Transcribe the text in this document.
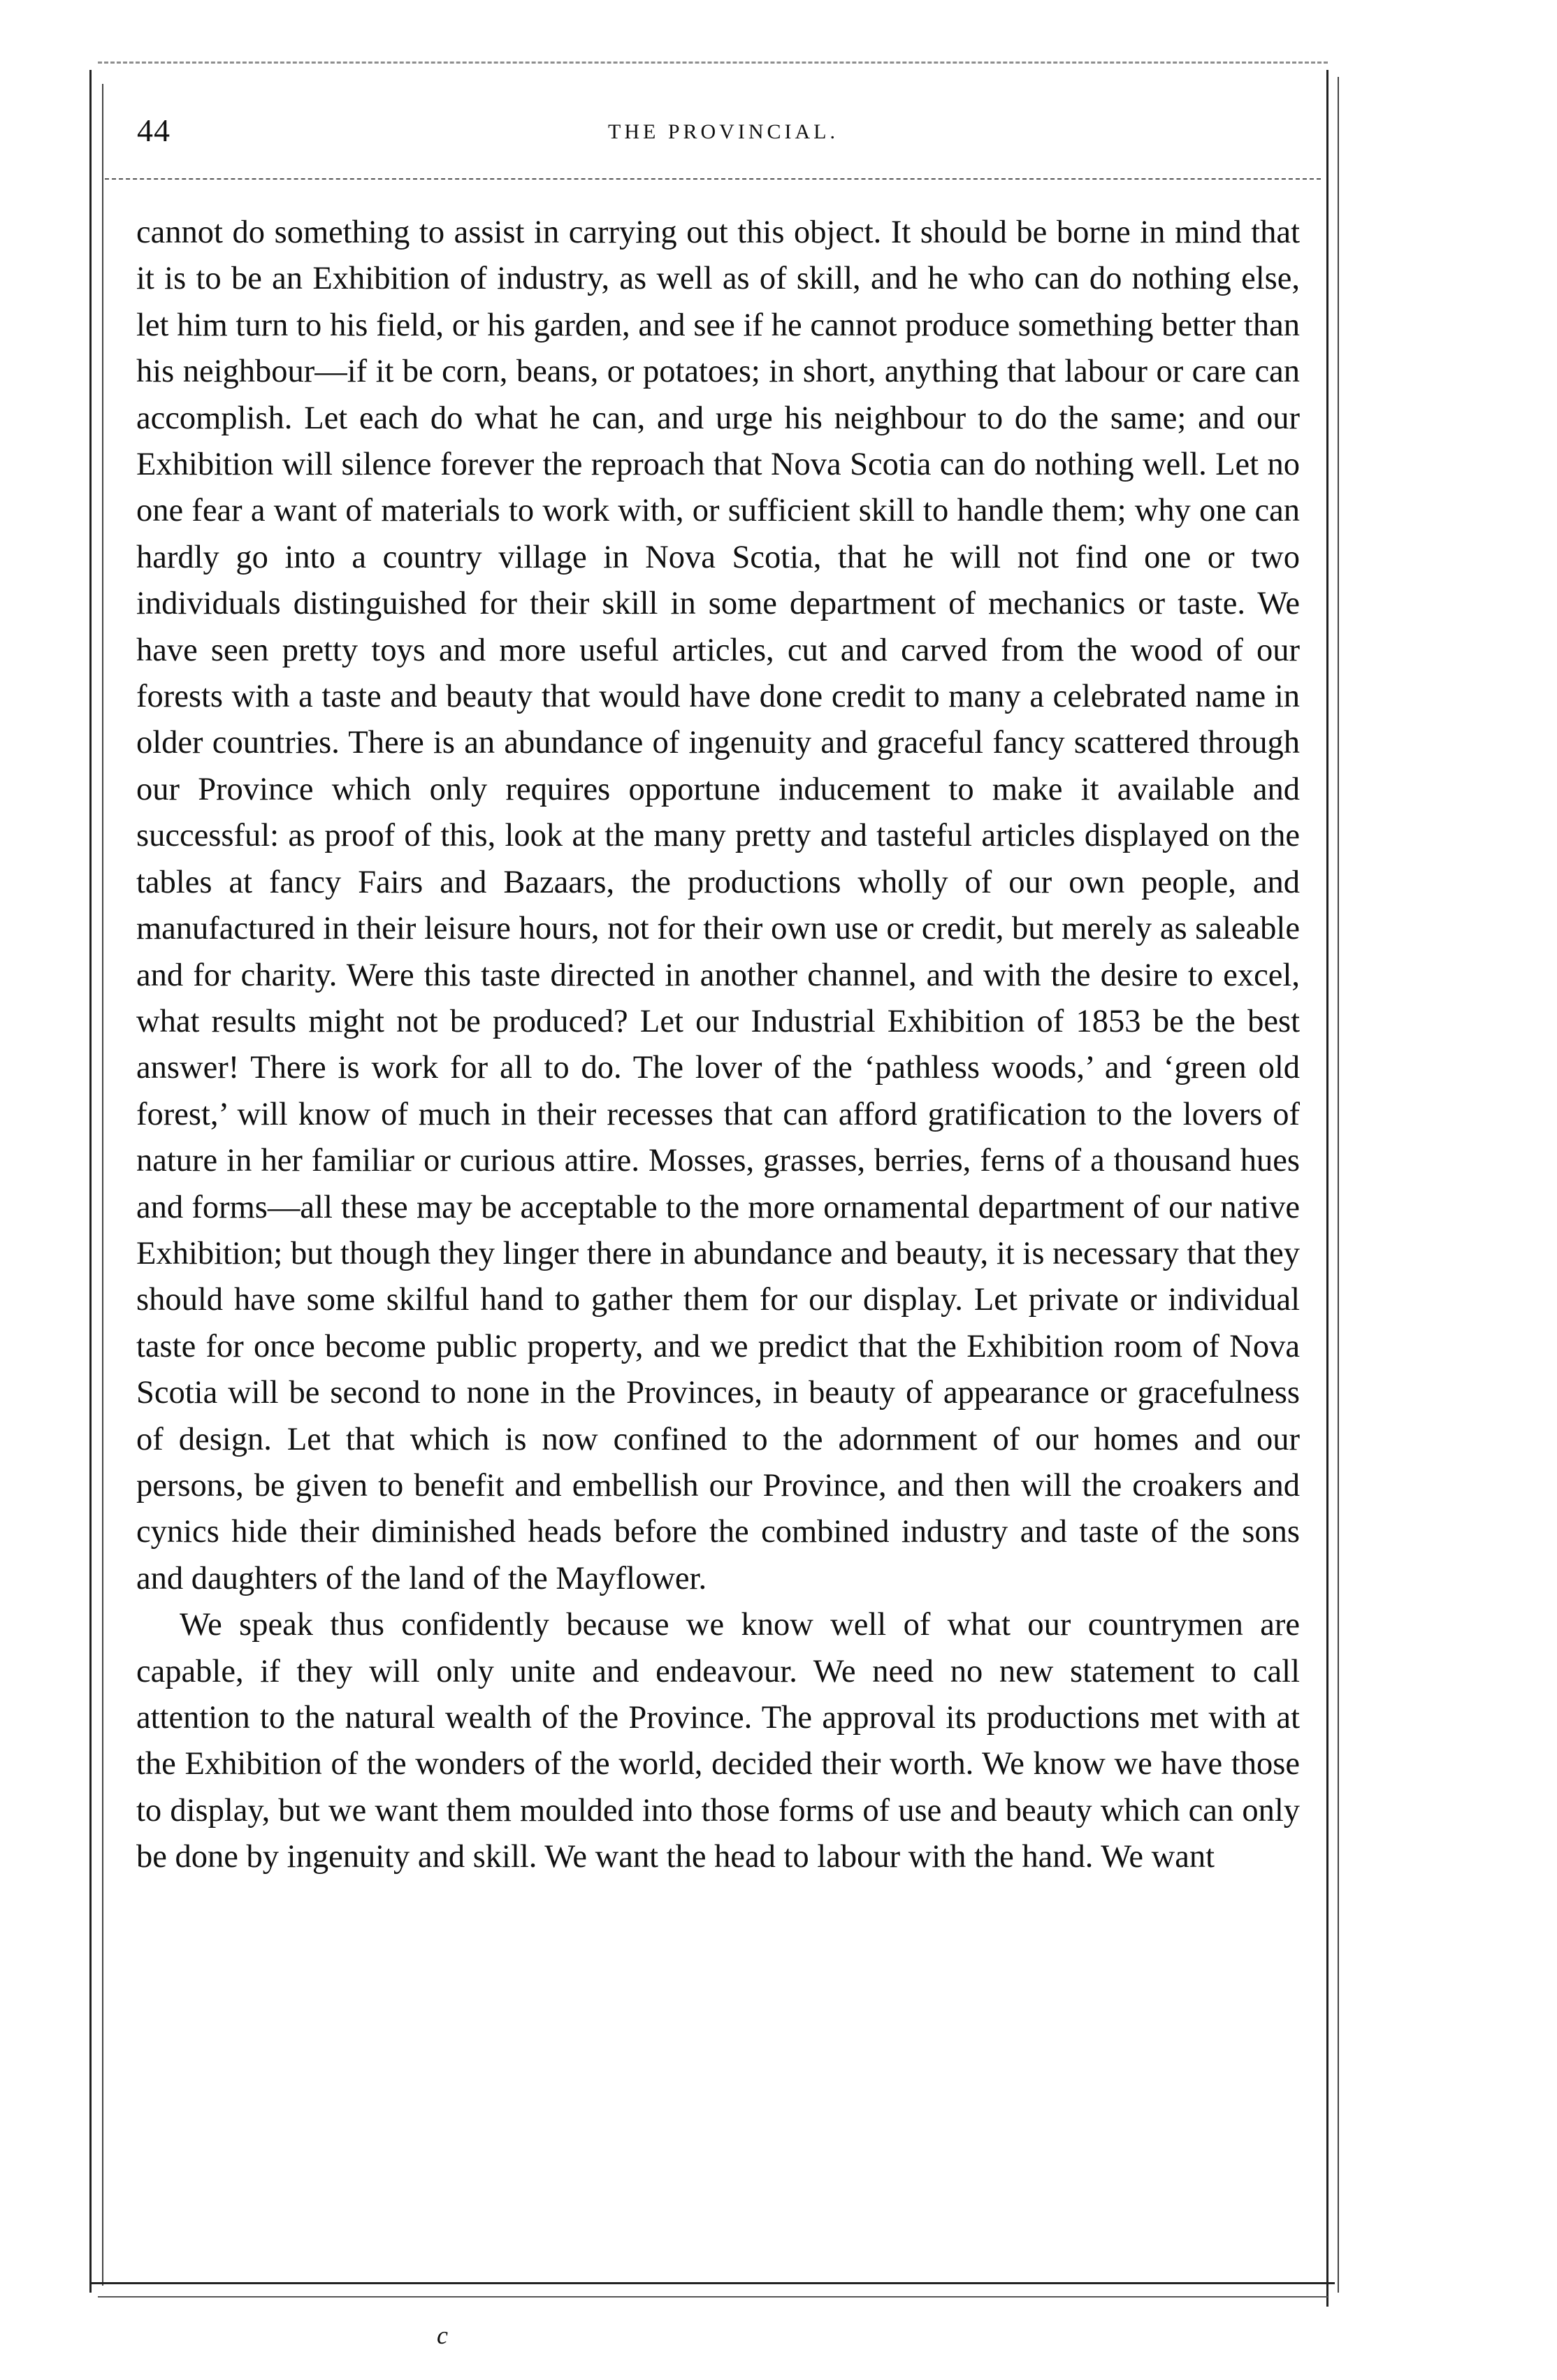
44	THE PROVINCIAL.

cannot do something to assist in carrying out this object. It should be borne in mind that it is to be an Exhibition of industry, as well as of skill, and he who can do nothing else, let him turn to his field, or his garden, and see if he cannot produce something better than his neighbour—if it be corn, beans, or potatoes; in short, anything that labour or care can accomplish. Let each do what he can, and urge his neighbour to do the same; and our Exhibition will silence forever the reproach that Nova Scotia can do nothing well. Let no one fear a want of materials to work with, or sufficient skill to handle them; why one can hardly go into a country village in Nova Scotia, that he will not find one or two individuals distinguished for their skill in some department of mechanics or taste. We have seen pretty toys and more useful articles, cut and carved from the wood of our forests with a taste and beauty that would have done credit to many a celebrated name in older countries. There is an abundance of ingenuity and graceful fancy scattered through our Province which only requires opportune inducement to make it available and successful: as proof of this, look at the many pretty and tasteful articles displayed on the tables at fancy Fairs and Bazaars, the productions wholly of our own people, and manufactured in their leisure hours, not for their own use or credit, but merely as saleable and for charity. Were this taste directed in another channel, and with the desire to excel, what results might not be produced? Let our Industrial Exhibition of 1853 be the best answer! There is work for all to do. The lover of the ‘pathless woods,’ and ‘green old forest,’ will know of much in their recesses that can afford gratification to the lovers of nature in her familiar or curious attire. Mosses, grasses, berries, ferns of a thousand hues and forms—all these may be acceptable to the more ornamental department of our native Exhibition; but though they linger there in abundance and beauty, it is necessary that they should have some skilful hand to gather them for our display. Let private or individual taste for once become public property, and we predict that the Exhibition room of Nova Scotia will be second to none in the Provinces, in beauty of appearance or gracefulness of design. Let that which is now confined to the adornment of our homes and our persons, be given to benefit and embellish our Province, and then will the croakers and cynics hide their diminished heads before the combined industry and taste of the sons and daughters of the land of the Mayflower.

We speak thus confidently because we know well of what our countrymen are capable, if they will only unite and endeavour. We need no new statement to call attention to the natural wealth of the Province. The approval its productions met with at the Exhibition of the wonders of the world, decided their worth. We know we have those to display, but we want them moulded into those forms of use and beauty which can only be done by ingenuity and skill. We want the head to labour with the hand. We want

c
